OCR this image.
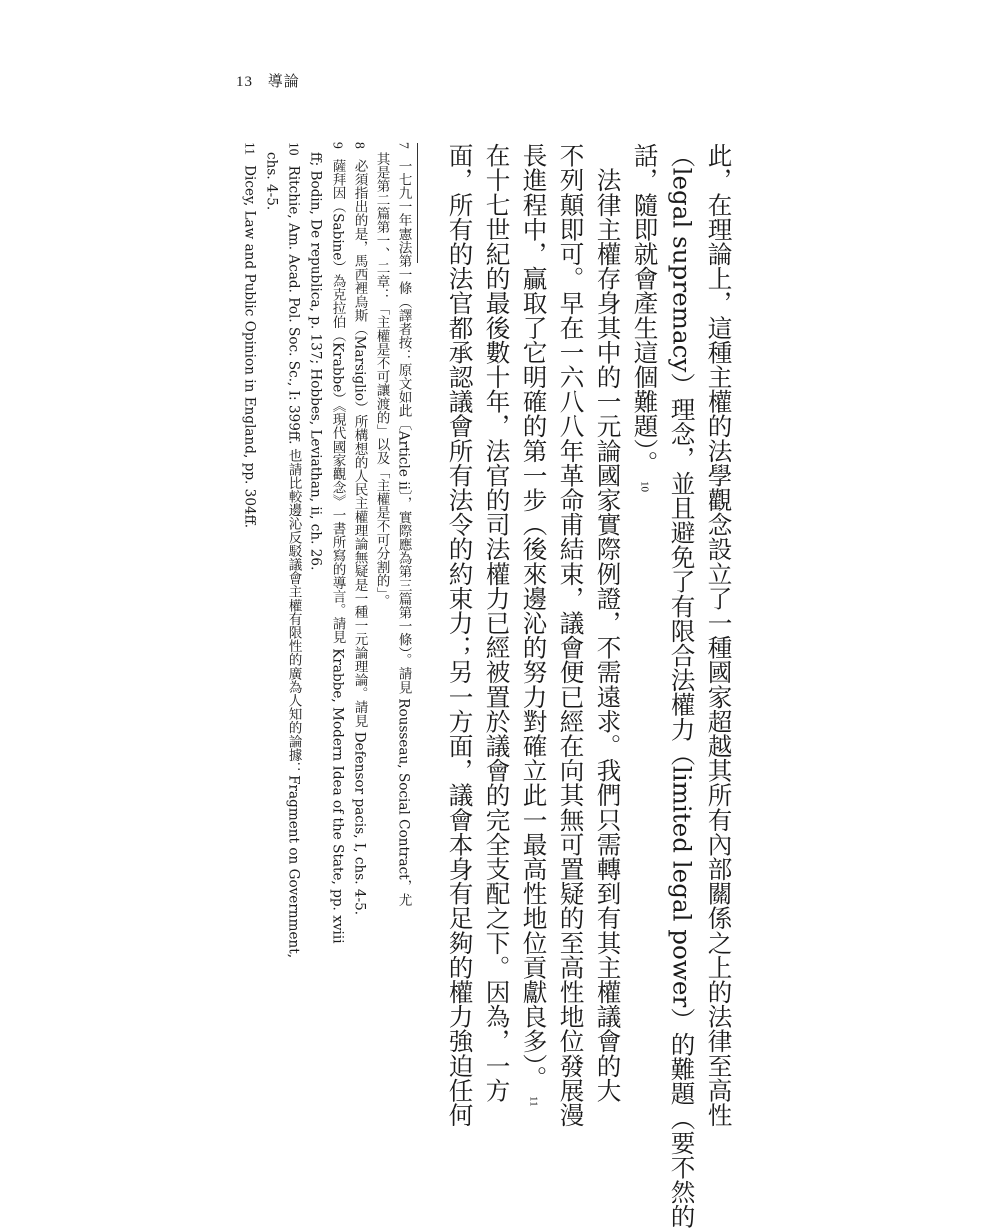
13 導論
此，在理論上，這種主權的法學觀念設立了一種國家超越其所有內部關係之上的法律至高性
（legal supremacy）理念，並且避免了有限合法權力（limited legal power）的難題（要不然的
話，隨即就會產生這個難題）。10
　法律主權存身其中的一元論國家實際例證，不需遠求。我們只需轉到有其主權議會的大
不列顛即可。早在一六八八年革命甫結束，議會便已經在向其無可置疑的至高性地位發展漫
長進程中，贏取了它明確的第一步（後來邊沁的努力對確立此一最高性地位貢獻良多）。11
在十七世紀的最後數十年，法官的司法權力已經被置於議會的完全支配之下。因為，一方
面，所有的法官都承認議會所有法令的約束力；另一方面，議會本身有足夠的權力強迫任何
7一七九一年憲法第一條（譯者按：原文如此〔Article ii〕，實際應為第三篇第一條）。請見 Rousseau, Social Contract，尤
其是第二篇第一、二章：「主權是不可讓渡的」以及「主權是不可分割的」。
8必須指出的是，馬西裡烏斯（Marsiglio）所構想的人民主權理論無疑是一種一元論理論。請見 Defensor pacis, I, chs. 4-5.
9薩拜因（Sabine）為克拉伯（Krabbe）《現代國家觀念》一書所寫的導言。請見 Krabbe, Modern Idea of the State, pp. xviii
ff; Bodin, De republica, p. 137; Hobbes, Leviathan, ii, ch. 26.
10Ritchie, Am. Acad. Pol. Soc. Sc., I: 399ff. 也請比較邊沁反駁議會主權有限性的廣為人知的論據：Fragment on Government,
chs. 4-5.
11Dicey, Law and Public Opinion in England, pp. 304ff.
